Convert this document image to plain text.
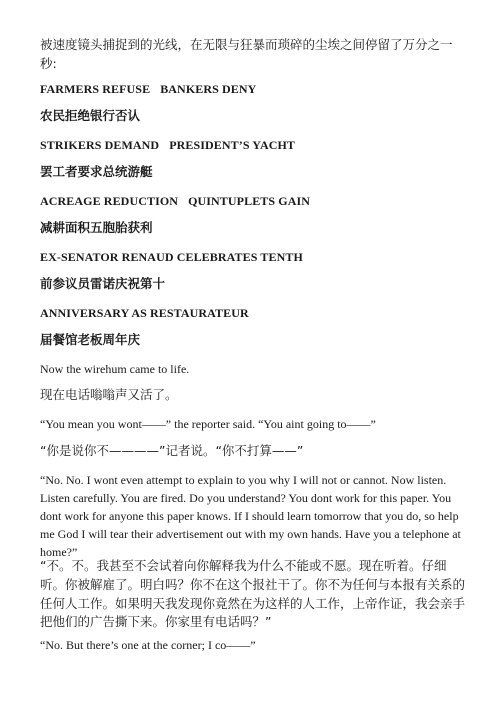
被速度镜头捕捉到的光线，在无限与狂暴而琐碎的尘埃之间停留了万分之一秒:

FARMERS REFUSE BANKERS DENY

农民拒绝银行否认

STRIKERS DEMAND PRESIDENT’S YACHT

罢工者要求总统游艇

ACREAGE REDUCTION QUINTUPLETS GAIN

减耕面积五胞胎获利

EX-SENATOR RENAUD CELEBRATES TENTH

前参议员雷诺庆祝第十

ANNIVERSARY AS RESTAURATEUR

届餐馆老板周年庆

Now the wirehum came to life.

现在电话嗡嗡声又活了。

“You mean you wont——” the reporter said. “You aint going to——”

“你是说你不————”记者说。“你不打算——”

“No. No. I wont even attempt to explain to you why I will not or cannot. Now listen. Listen carefully. You are fired. Do you understand? You dont work for this paper. You dont work for anyone this paper knows. If I should learn tomorrow that you do, so help me God I will tear their advertisement out with my own hands. Have you a telephone at home?”

“不。不。我甚至不会试着向你解释我为什么不能或不愿。现在听着。仔细听。你被解雇了。明白吗？你不在这个报社干了。你不为任何与本报有关系的任何人工作。如果明天我发现你竟然在为这样的人工作，上帝作证，我会亲手把他们的广告撕下来。你家里有电话吗？”

“No. But there’s one at the corner; I co——”
